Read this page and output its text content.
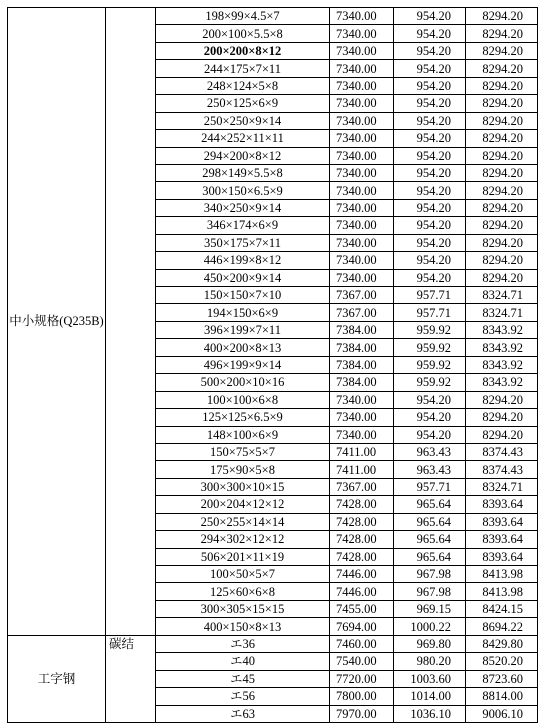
中小规格(Q235B)		198×99×4.5×7	7340.00	954.20	8294.20
		200×100×5.5×8	7340.00	954.20	8294.20
		200×200×8×12	7340.00	954.20	8294.20
		244×175×7×11	7340.00	954.20	8294.20
		248×124×5×8	7340.00	954.20	8294.20
		250×125×6×9	7340.00	954.20	8294.20
		250×250×9×14	7340.00	954.20	8294.20
		244×252×11×11	7340.00	954.20	8294.20
		294×200×8×12	7340.00	954.20	8294.20
		298×149×5.5×8	7340.00	954.20	8294.20
		300×150×6.5×9	7340.00	954.20	8294.20
		340×250×9×14	7340.00	954.20	8294.20
		346×174×6×9	7340.00	954.20	8294.20
		350×175×7×11	7340.00	954.20	8294.20
		446×199×8×12	7340.00	954.20	8294.20
		450×200×9×14	7340.00	954.20	8294.20
		150×150×7×10	7367.00	957.71	8324.71
		194×150×6×9	7367.00	957.71	8324.71
		396×199×7×11	7384.00	959.92	8343.92
		400×200×8×13	7384.00	959.92	8343.92
		496×199×9×14	7384.00	959.92	8343.92
		500×200×10×16	7384.00	959.92	8343.92
		100×100×6×8	7340.00	954.20	8294.20
		125×125×6.5×9	7340.00	954.20	8294.20
		148×100×6×9	7340.00	954.20	8294.20
		150×75×5×7	7411.00	963.43	8374.43
		175×90×5×8	7411.00	963.43	8374.43
		300×300×10×15	7367.00	957.71	8324.71
		200×204×12×12	7428.00	965.64	8393.64
		250×255×14×14	7428.00	965.64	8393.64
		294×302×12×12	7428.00	965.64	8393.64
		506×201×11×19	7428.00	965.64	8393.64
		100×50×5×7	7446.00	967.98	8413.98
		125×60×6×8	7446.00	967.98	8413.98
		300×305×15×15	7455.00	969.15	8424.15
		400×150×8×13	7694.00	1000.22	8694.22
工字钢	碳结	エ36	7460.00	969.80	8429.80
		エ40	7540.00	980.20	8520.20
		エ45	7720.00	1003.60	8723.60
		エ56	7800.00	1014.00	8814.00
		エ63	7970.00	1036.10	9006.10
